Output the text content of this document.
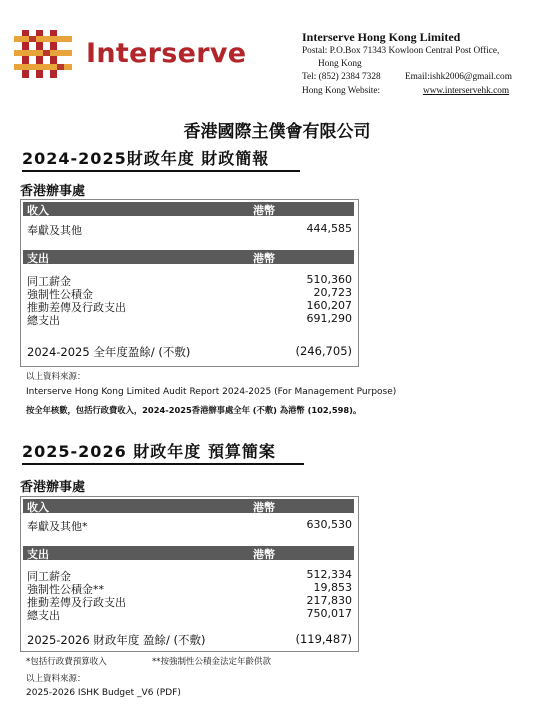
Interserve
Interserve Hong Kong Limited
Postal: P.O.Box 71343 Kowloon Central Post Office,
Hong Kong
Tel: (852) 2384 7328	Email:ishk2006@gmail.com
Hong Kong Website:	www.interservehk.com
香港國際主僕會有限公司
2024-2025財政年度 財政簡報
香港辦事處
收入	港幣
奉獻及其他	444,585
支出	港幣
同工薪金	510,360
強制性公積金	20,723
推動差傳及行政支出	160,207
總支出	691,290
2024-2025 全年度盈餘/ (不敷)	(246,705)
以上資料來源：
Interserve Hong Kong Limited Audit Report 2024-2025 (For Management Purpose)
按全年核數，包括行政費收入，2024-2025香港辦事處全年 (不敷) 為港幣 (102,598)。
2025-2026 財政年度 預算簡案
香港辦事處
收入	港幣
奉獻及其他*	630,530
支出	港幣
同工薪金	512,334
強制性公積金**	19,853
推動差傳及行政支出	217,830
總支出	750,017
2025-2026 財政年度 盈餘/ (不敷)	(119,487)
*包括行政費預算收入	**按強制性公積金法定年齡供款
以上資料來源：
2025-2026 ISHK Budget _V6 (PDF)
